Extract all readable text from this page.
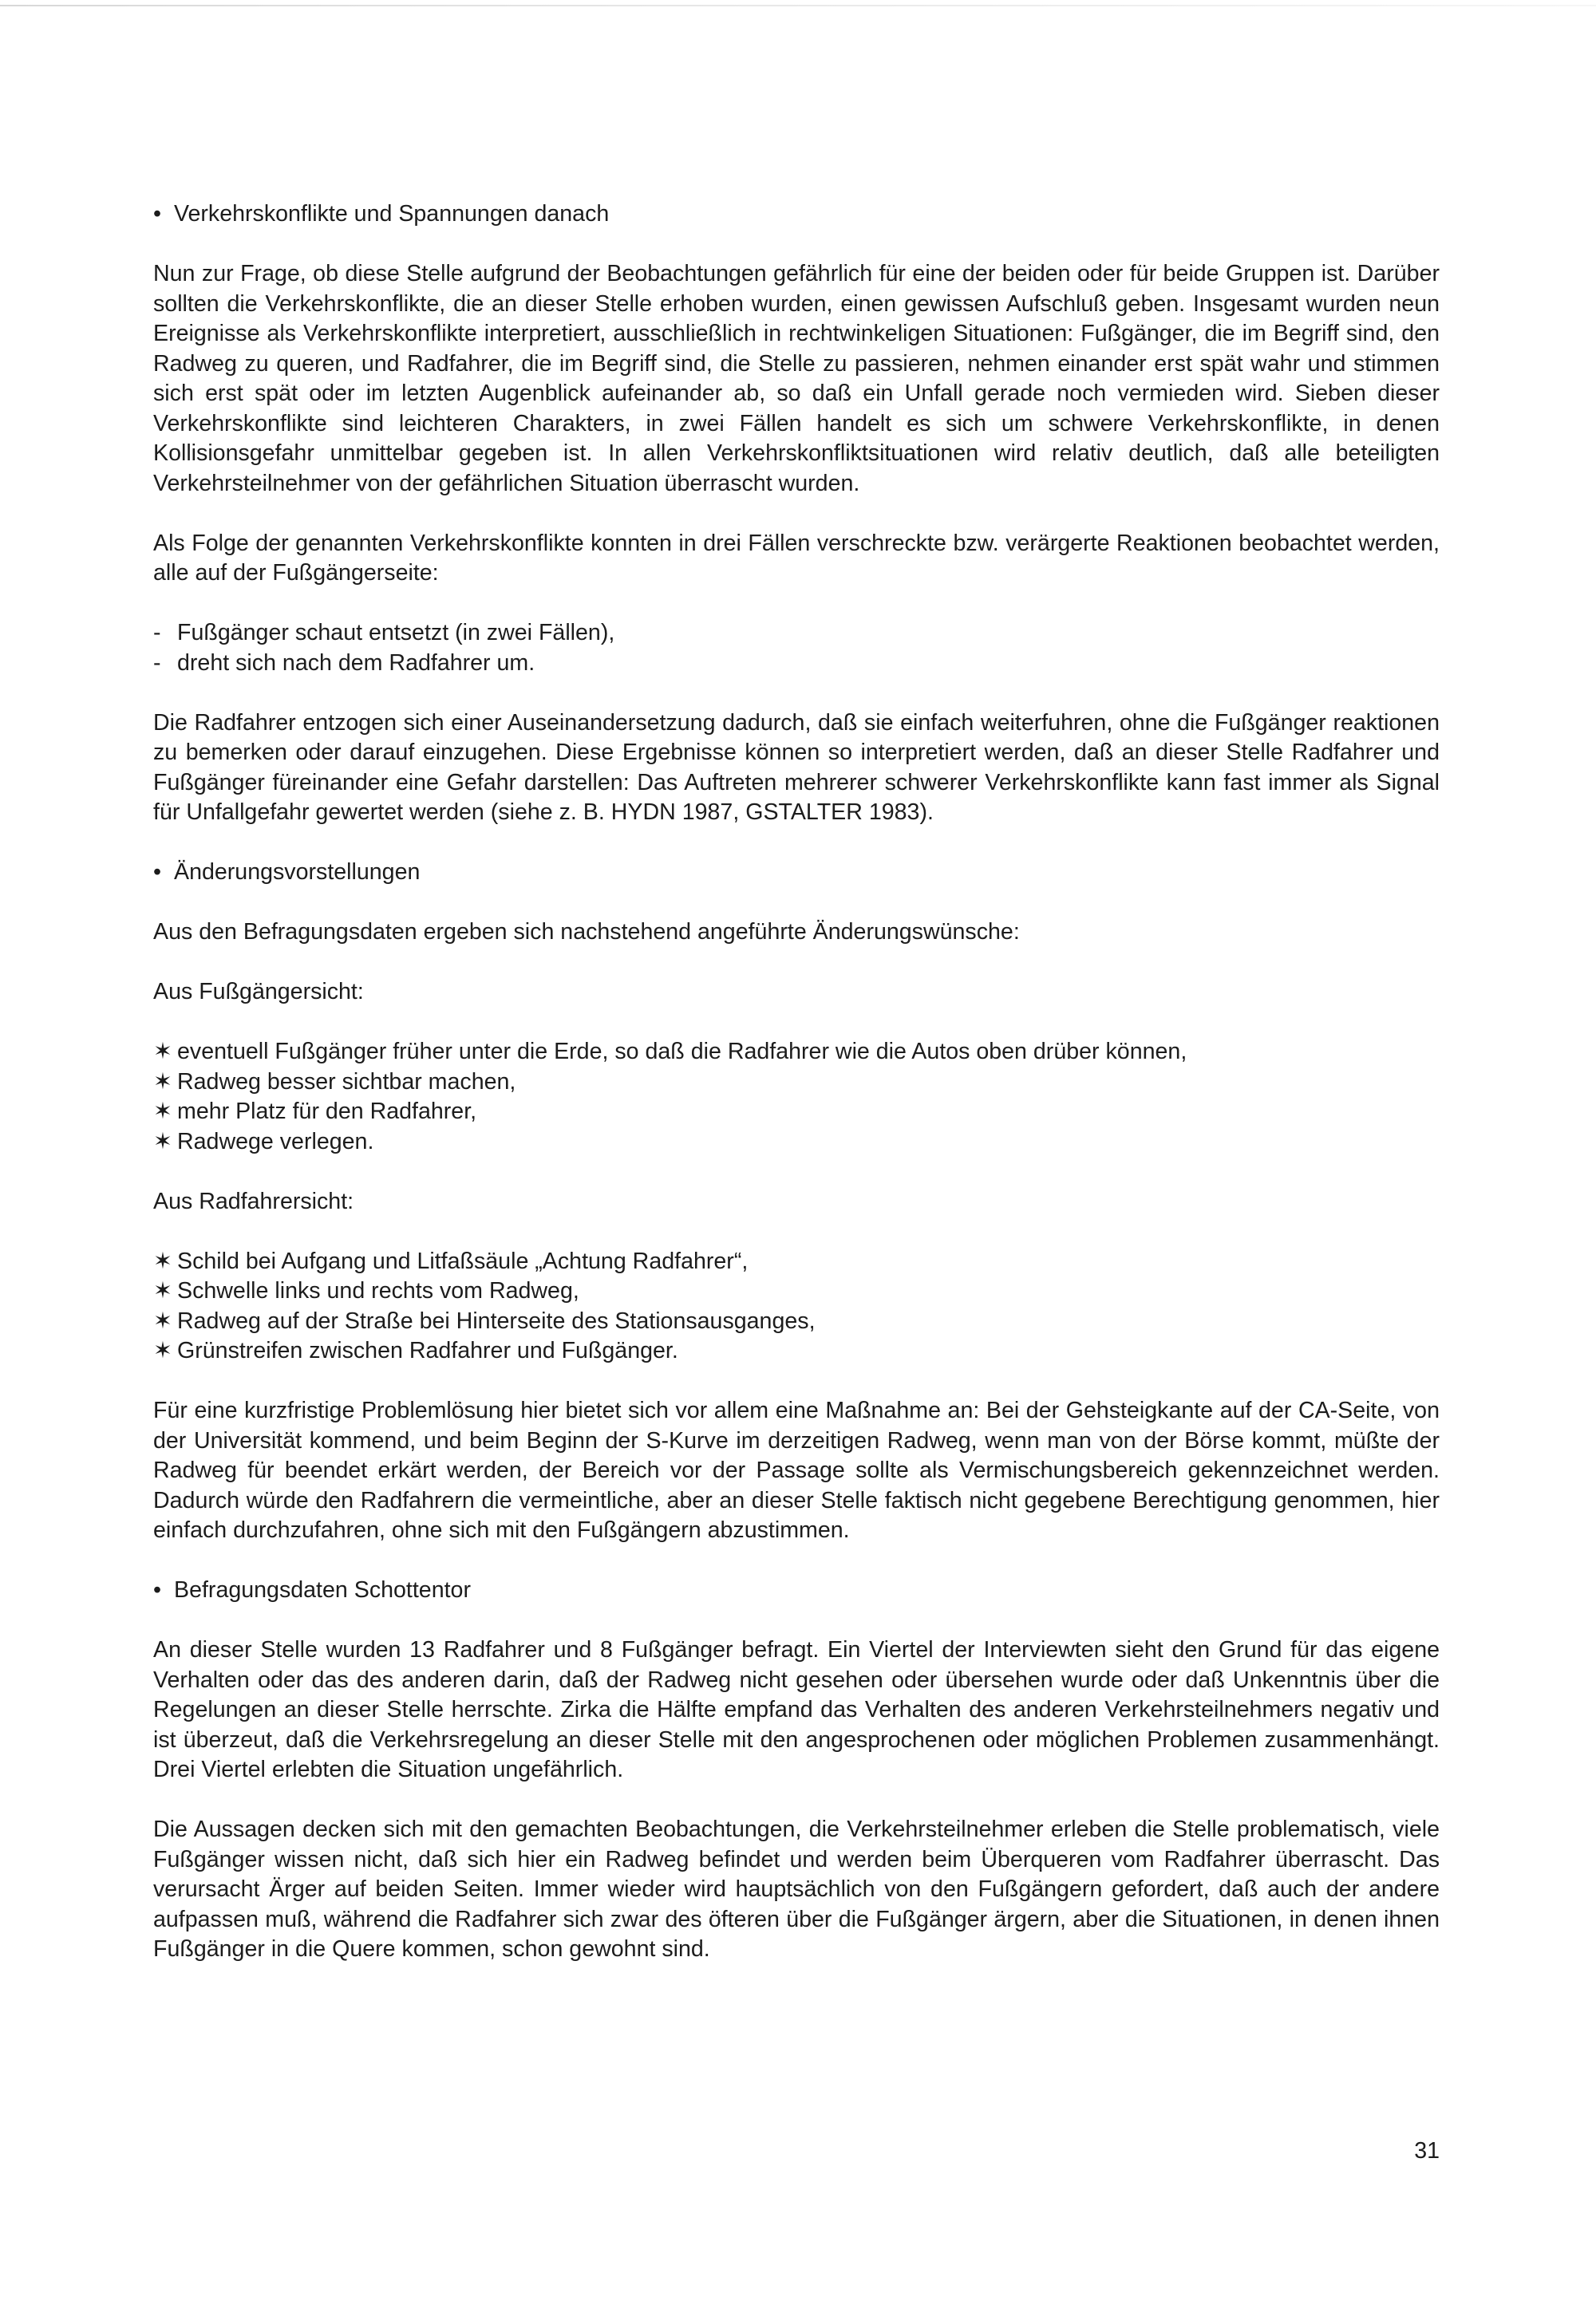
• Verkehrskonflikte und Spannungen danach

Nun zur Frage, ob diese Stelle aufgrund der Beobachtungen gefährlich für eine der beiden oder für beide Gruppen ist. Darüber sollten die Verkehrskonflikte, die an dieser Stelle erhoben wurden, einen gewissen Aufschluß geben. Insgesamt wurden neun Ereignisse als Verkehrskonflikte interpretiert, ausschließlich in rechtwinkeligen Situationen: Fußgänger, die im Begriff sind, den Radweg zu queren, und Radfahrer, die im Begriff sind, die Stelle zu passieren, nehmen einander erst spät wahr und stimmen sich erst spät oder im letzten Augenblick aufeinander ab, so daß ein Unfall gerade noch vermieden wird. Sieben dieser Verkehrskonflikte sind leichteren Charakters, in zwei Fällen handelt es sich um schwere Verkehrskonflikte, in denen Kollisionsgefahr unmittelbar gegeben ist. In allen Verkehrskonfliktsituationen wird relativ deutlich, daß alle beteiligten Verkehrsteilnehmer von der gefährlichen Situation überrascht wurden.

Als Folge der genannten Verkehrskonflikte konnten in drei Fällen verschreckte bzw. verärgerte Reaktionen beobachtet werden, alle auf der Fußgängerseite:

- Fußgänger schaut entsetzt (in zwei Fällen),
- dreht sich nach dem Radfahrer um.

Die Radfahrer entzogen sich einer Auseinandersetzung dadurch, daß sie einfach weiterfuhren, ohne die Fußgänger reaktionen zu bemerken oder darauf einzugehen. Diese Ergebnisse können so interpretiert werden, daß an dieser Stelle Radfahrer und Fußgänger füreinander eine Gefahr darstellen: Das Auftreten mehrerer schwerer Verkehrskonflikte kann fast immer als Signal für Unfallgefahr gewertet werden (siehe z. B. HYDN 1987, GSTALTER 1983).

• Änderungsvorstellungen

Aus den Befragungsdaten ergeben sich nachstehend angeführte Änderungswünsche:

Aus Fußgängersicht:

✶ eventuell Fußgänger früher unter die Erde, so daß die Radfahrer wie die Autos oben drüber können,
✶ Radweg besser sichtbar machen,
✶ mehr Platz für den Radfahrer,
✶ Radwege verlegen.

Aus Radfahrersicht:

✶ Schild bei Aufgang und Litfaßsäule „Achtung Radfahrer“,
✶ Schwelle links und rechts vom Radweg,
✶ Radweg auf der Straße bei Hinterseite des Stationsausganges,
✶ Grünstreifen zwischen Radfahrer und Fußgänger.

Für eine kurzfristige Problemlösung hier bietet sich vor allem eine Maßnahme an: Bei der Gehsteigkante auf der CA-Seite, von der Universität kommend, und beim Beginn der S-Kurve im derzeitigen Radweg, wenn man von der Börse kommt, müßte der Radweg für beendet erkärt werden, der Bereich vor der Passage sollte als Vermischungsbereich gekennzeichnet werden. Dadurch würde den Radfahrern die vermeintliche, aber an dieser Stelle faktisch nicht gegebene Berechtigung genommen, hier einfach durchzufahren, ohne sich mit den Fußgängern abzustimmen.

• Befragungsdaten Schottentor

An dieser Stelle wurden 13 Radfahrer und 8 Fußgänger befragt. Ein Viertel der Interviewten sieht den Grund für das eigene Verhalten oder das des anderen darin, daß der Radweg nicht gesehen oder übersehen wurde oder daß Unkenntnis über die Regelungen an dieser Stelle herrschte. Zirka die Hälfte empfand das Verhalten des anderen Verkehrsteilnehmers negativ und ist überzeut, daß die Verkehrsregelung an dieser Stelle mit den angesprochenen oder möglichen Problemen zusammenhängt. Drei Viertel erlebten die Situation ungefährlich.

Die Aussagen decken sich mit den gemachten Beobachtungen, die Verkehrsteilnehmer erleben die Stelle problematisch, viele Fußgänger wissen nicht, daß sich hier ein Radweg befindet und werden beim Überqueren vom Radfahrer überrascht. Das verursacht Ärger auf beiden Seiten. Immer wieder wird hauptsächlich von den Fußgängern gefordert, daß auch der andere aufpassen muß, während die Radfahrer sich zwar des öfteren über die Fußgänger ärgern, aber die Situationen, in denen ihnen Fußgänger in die Quere kommen, schon gewohnt sind.

31
